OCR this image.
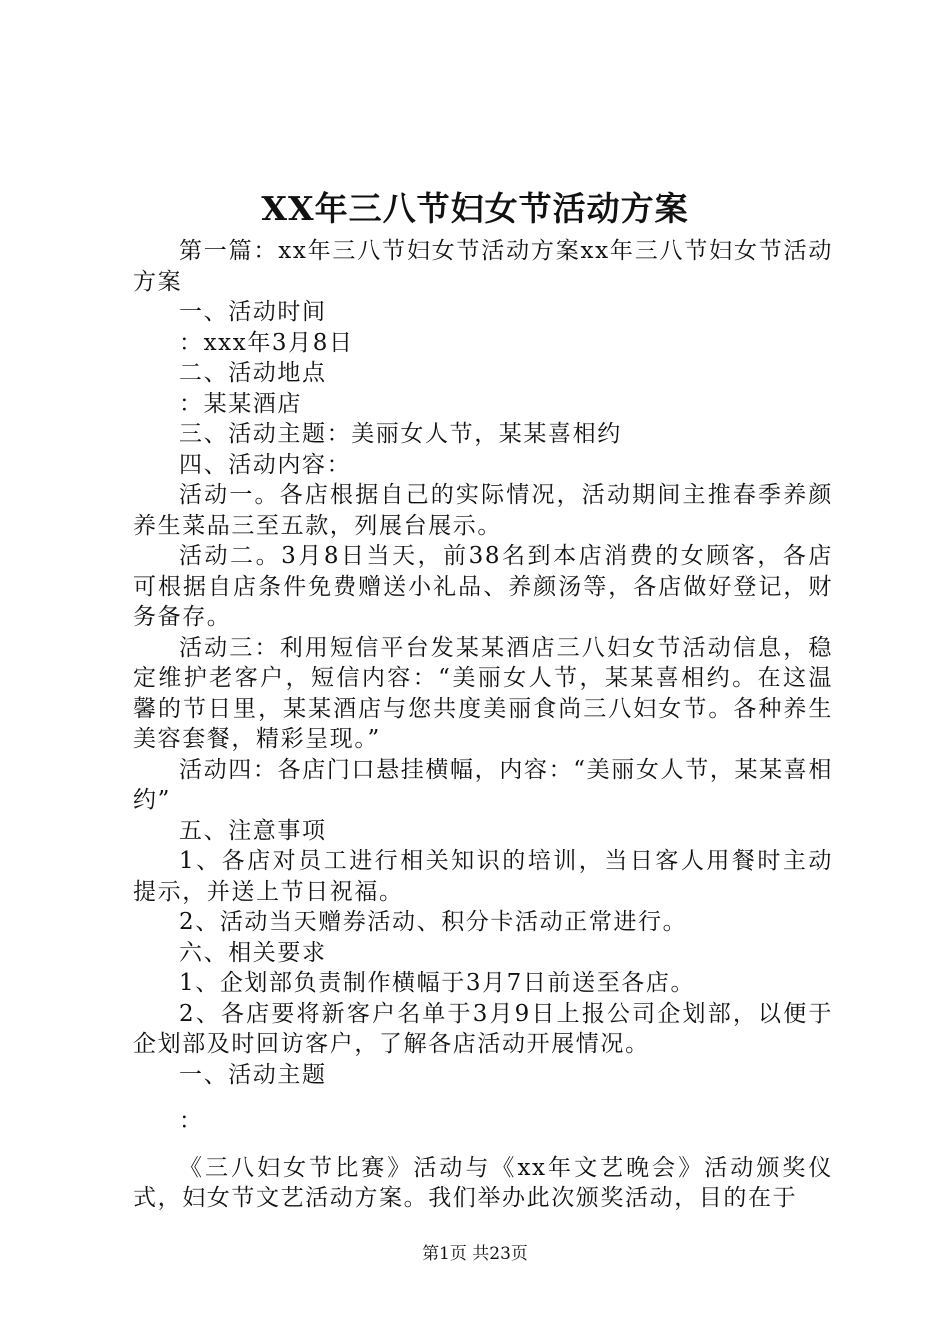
XX年三八节妇女节活动方案

第一篇：xx年三八节妇女节活动方案xx年三八节妇女节活动方案

一、活动时间

：xxx年3月8日

二、活动地点

：某某酒店

三、活动主题：美丽女人节，某某喜相约

四、活动内容：

活动一。各店根据自己的实际情况，活动期间主推春季养颜养生菜品三至五款，列展台展示。

活动二。3月8日当天，前38名到本店消费的女顾客，各店可根据自店条件免费赠送小礼品、养颜汤等，各店做好登记，财务备存。

活动三：利用短信平台发某某酒店三八妇女节活动信息，稳定维护老客户，短信内容：“美丽女人节，某某喜相约。在这温馨的节日里，某某酒店与您共度美丽食尚三八妇女节。各种养生美容套餐，精彩呈现。”

活动四：各店门口悬挂横幅，内容：“美丽女人节，某某喜相约”

五、注意事项

1、各店对员工进行相关知识的培训，当日客人用餐时主动提示，并送上节日祝福。

2、活动当天赠券活动、积分卡活动正常进行。

六、相关要求

1、企划部负责制作横幅于3月7日前送至各店。

2、各店要将新客户名单于3月9日上报公司企划部，以便于企划部及时回访客户，了解各店活动开展情况。

一、活动主题

：

《三八妇女节比赛》活动与《xx年文艺晚会》活动颁奖仪式，妇女节文艺活动方案。我们举办此次颁奖活动，目的在于

第1页 共23页
